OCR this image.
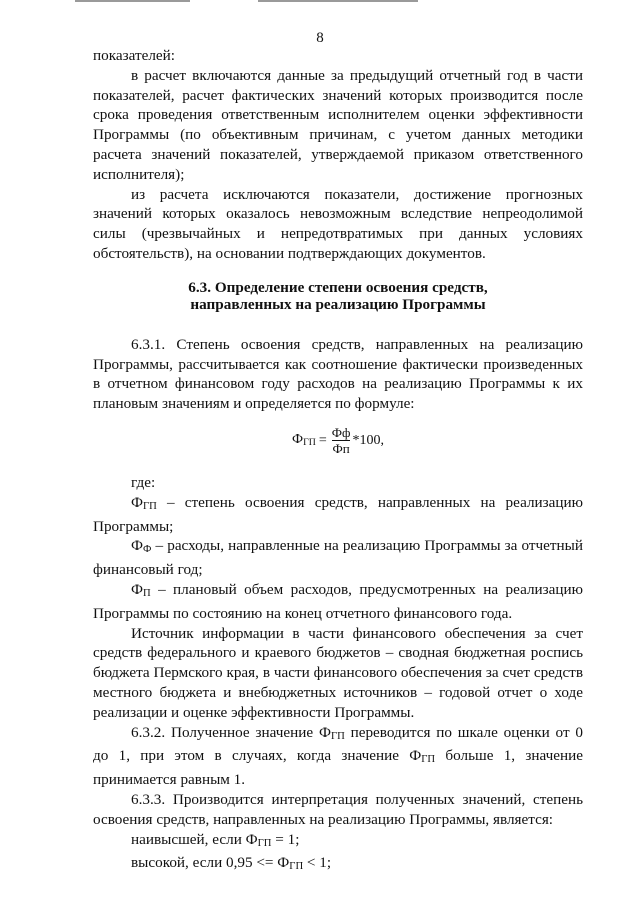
8

показателей:

в расчет включаются данные за предыдущий отчетный год в части показателей, расчет фактических значений которых производится после срока проведения ответственным исполнителем оценки эффективности Программы (по объективным причинам, с учетом данных методики расчета значений показателей, утверждаемой приказом ответственного исполнителя);

из расчета исключаются показатели, достижение прогнозных значений которых оказалось невозможным вследствие непреодолимой силы (чрезвычайных и непредотвратимых при данных условиях обстоятельств), на основании подтверждающих документов.

6.3. Определение степени освоения средств,
направленных на реализацию Программы

6.3.1. Степень освоения средств, направленных на реализацию Программы, рассчитывается как соотношение фактически произведенных в отчетном финансовом году расходов на реализацию Программы к их плановым значениям и определяется по формуле:

$Ф_{ГП} = \frac{Фф}{Фп} *100$,

где:

$Ф_{ГП}$ – степень освоения средств, направленных на реализацию Программы;

$Ф_Ф$ – расходы, направленные на реализацию Программы за отчетный финансовый год;

$Ф_П$ – плановый объем расходов, предусмотренных на реализацию Программы по состоянию на конец отчетного финансового года.

Источник информации в части финансового обеспечения за счет средств федерального и краевого бюджетов – сводная бюджетная роспись бюджета Пермского края, в части финансового обеспечения за счет средств местного бюджета и внебюджетных источников – годовой отчет о ходе реализации и оценке эффективности Программы.

6.3.2. Полученное значение $Ф_{ГП}$ переводится по шкале оценки от 0 до 1, при этом в случаях, когда значение $Ф_{ГП}$ больше 1, значение принимается равным 1.

6.3.3. Производится интерпретация полученных значений, степень освоения средств, направленных на реализацию Программы, является:

наивысшей, если $Ф_{ГП} = 1$;

высокой, если $0,95 <= Ф_{ГП} < 1$;
